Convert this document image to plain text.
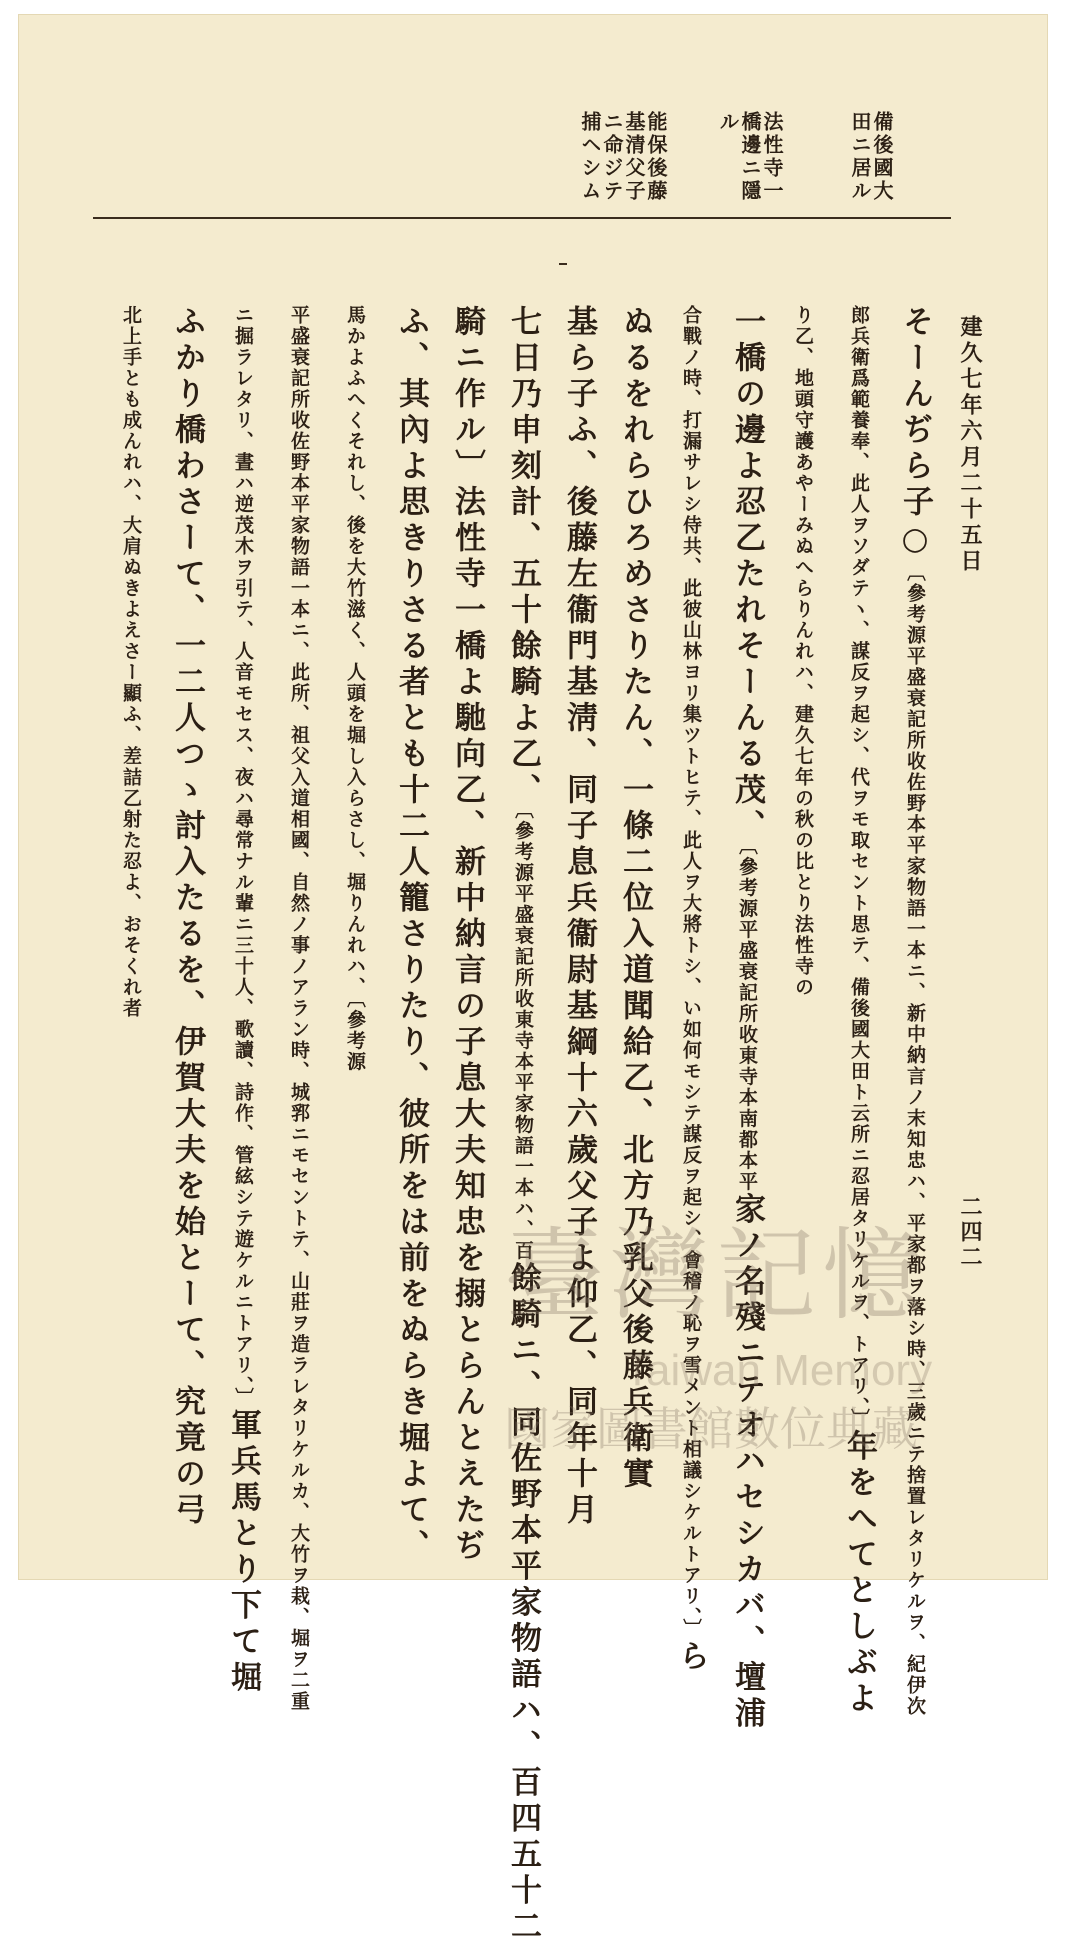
建久七年六月二十五日
二四二
備後國大
田ニ居ル
法性寺一
橋邊ニ隱
ル
能保後藤
基清父子
ニ命ジテ
捕ヘシム
そーんぢら子○〔參考源平盛衰記所收佐野本平家物語一本ニ、新中納言ノ末知忠ハ、平家都ヲ落シ時、三歲ニテ捨置レタリケルヲ、紀伊次
郎兵衛爲範養奉、此人ヲソダテヽ、謀反ヲ起シ、代ヲモ取セント思テ、備後國大田ト云所ニ忍居タリケルヲ、トアリ、〕年をへてとしぶよ
り乙、地頭守護あやーみぬへらりんれハ、建久七年の秋の比とり法性寺の
一橋の邊よ忍乙たれそーんる茂、〔參考源平盛衰記所收東寺本南都本平家ノ名殘ニテオハセシカバ、壇浦
合戰ノ時、打漏サレシ侍共、此彼山林ヨリ集ツトヒテ、此人ヲ大將トシ、い如何モシテ謀反ヲ起シ、會稽ノ恥ヲ雪メント相議シケルトアリ、〕ら
ぬるをれらひろめさりたん、一條二位入道聞給乙、北方乃乳父後藤兵衛實
基ら子ふ、後藤左衞門基淸、同子息兵衞尉基綱十六歲父子よ仰乙、同年十月
七日乃申刻計、五十餘騎よ乙、〔參考源平盛衰記所收東寺本平家物語一本ハ、百餘騎ニ、同佐野本平家物語ハ、百四五十二
騎ニ作ル〕法性寺一橋よ馳向乙、新中納言の子息大夫知忠を搦とらんとえたぢ
ふ、其內よ思きりさる者とも十二人籠さりたり、彼所をは前をぬらき堀よて、
馬かよふへくそれし、後を大竹滋く、人頭を堀し入らさし、堀りんれハ、〔參考源
平盛衰記所收佐野本平家物語一本ニ、此所、祖父入道相國、自然ノ事ノアラン時、城郛ニモセントテ、山莊ヲ造ラレタリケルカ、大竹ヲ栽、堀ヲ二重
ニ掘ラレタリ、晝ハ逆茂木ヲ引テ、人音モセス、夜ハ尋常ナル輩ニ三十人、歌讀、詩作、管絃シテ遊ケルニトアリ、〕軍兵馬とり下て堀
ふかり橋わさーて、一二人つゝ討入たるを、伊賀大夫を始とーて、究竟の弓
北上手とも成んれハ、大肩ぬきよえさー顯ふ、差詰乙射た忍よ、おそくれ者
臺灣記憶
Taiwan Memory
國家圖書館數位典藏
